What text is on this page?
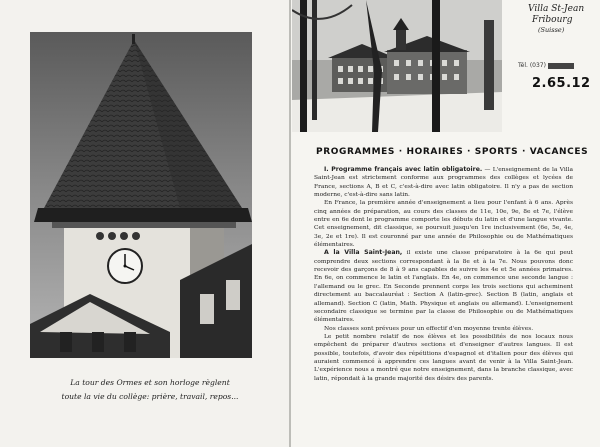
La tour des Ormes et son horloge règlent
toute la vie du collège: prière, travail, repos...
Villa St-Jean
Fribourg
(Suisse)
Tél. (037)
2.65.12
PROGRAMMES · HORAIRES · SPORTS · VACANCES

I. Programme français avec latin obligatoire. — L'enseignement de la Villa Saint-Jean est strictement conforme aux programmes des collèges et lycées de France, sections A, B et C, c'est-à-dire avec latin obligatoire. Il n'y a pas de section moderne, c'est-à-dire sans latin.

En France, la première année d'enseignement a lieu pour l'enfant à 6 ans. Après cinq années de préparation, au cours des classes de 11e, 10e, 9e, 8e et 7e, l'élève entre en 6e dont le programme comporte les débuts du latin et d'une langue vivante. Cet enseignement, dit classique, se poursuit jusqu'en 1re inclusivement (6e, 5e, 4e, 3e, 2e et 1re). Il est couronné par une année de Philosophie ou de Mathématiques élémentaires.

A la Villa Saint-Jean, il existe une classe préparatoire à la 6e qui peut comprendre deux sections correspondant à la 8e et à la 7e. Nous pouvons donc recevoir des garçons de 8 à 9 ans capables de suivre les 4e et 5e années primaires. En 6e, on commence le latin et l'anglais. En 4e, on commence une seconde langue : l'allemand ou le grec. En Seconde prennent corps les trois sections qui acheminent directement au baccalauréat : Section A (latin-grec). Section B (latin, anglais et allemand). Section C (latin, Math. Physique et anglais ou allemand). L'enseignement secondaire classique se termine par la classe de Philosophie ou de Mathématiques élémentaires.

Nos classes sont prévues pour un effectif d'en moyenne trente élèves.

Le petit nombre relatif de nos élèves et les possibilités de nos locaux nous empêchent de préparer d'autres sections et d'enseigner d'autres langues. Il est possible, toutefois, d'avoir des répétitions d'espagnol et d'italien pour des élèves qui auraient commencé à apprendre ces langues avant de venir à la Villa Saint-Jean. L'expérience nous a montré que notre enseignement, dans la branche classique, avec latin, répondait à la grande majorité des désirs des parents.
